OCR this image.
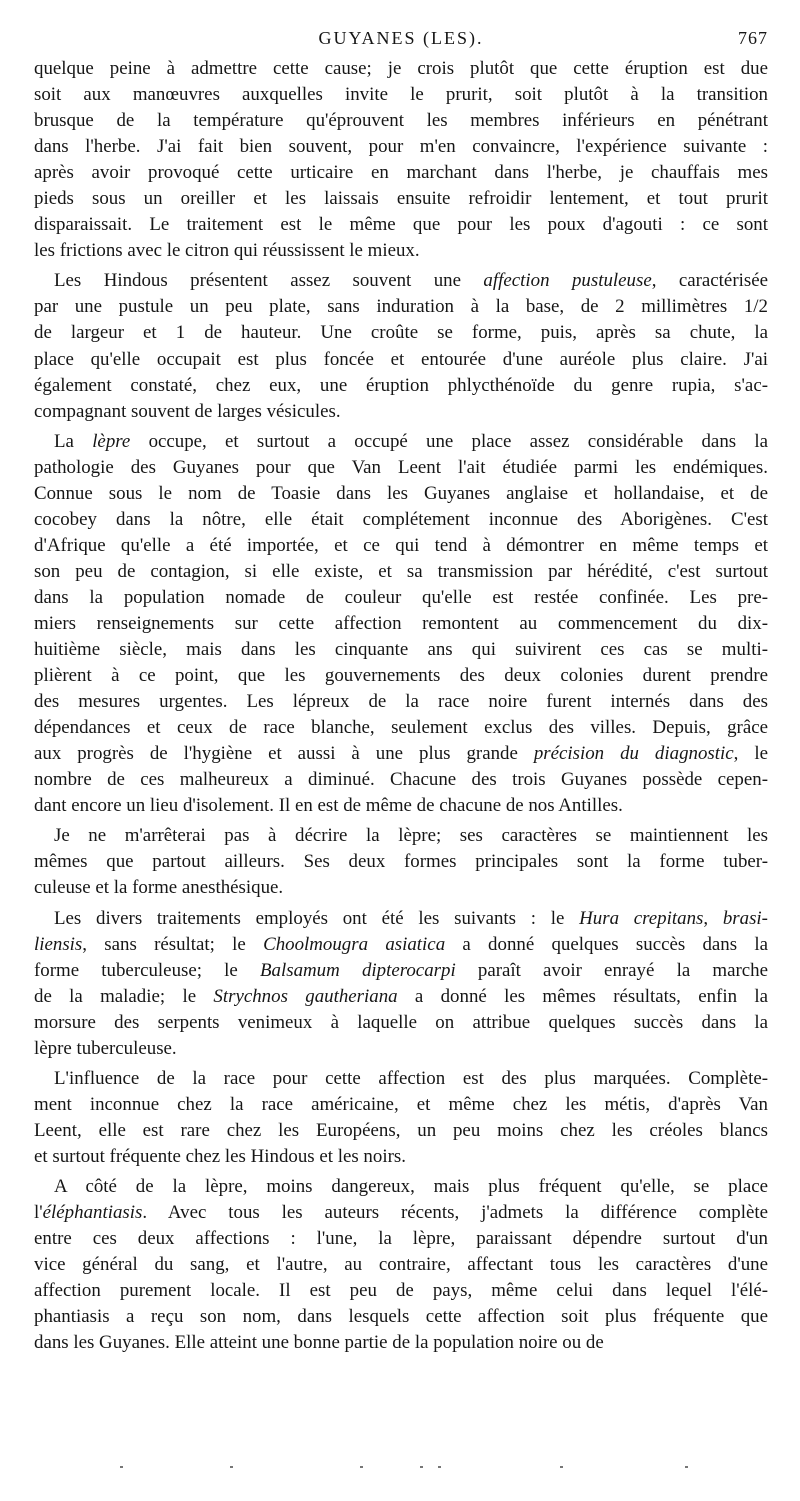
GUYANES (LES).	767
quelque peine à admettre cette cause; je crois plutôt que cette éruption est due
soit aux manœuvres auxquelles invite le prurit, soit plutôt à la transition
brusque de la température qu'éprouvent les membres inférieurs en pénétrant
dans l'herbe. J'ai fait bien souvent, pour m'en convaincre, l'expérience suivante :
après avoir provoqué cette urticaire en marchant dans l'herbe, je chauffais mes
pieds sous un oreiller et les laissais ensuite refroidir lentement, et tout prurit
disparaissait. Le traitement est le même que pour les poux d'agouti : ce sont
les frictions avec le citron qui réussissent le mieux.
Les Hindous présentent assez souvent une affection pustuleuse, caractérisée
par une pustule un peu plate, sans induration à la base, de 2 millimètres 1/2
de largeur et 1 de hauteur. Une croûte se forme, puis, après sa chute, la
place qu'elle occupait est plus foncée et entourée d'une auréole plus claire. J'ai
également constaté, chez eux, une éruption phlycthénoïde du genre rupia, s'ac-
compagnant souvent de larges vésicules.
La lèpre occupe, et surtout a occupé une place assez considérable dans la
pathologie des Guyanes pour que Van Leent l'ait étudiée parmi les endémiques.
Connue sous le nom de Toasie dans les Guyanes anglaise et hollandaise, et de
cocobey dans la nôtre, elle était complétement inconnue des Aborigènes. C'est
d'Afrique qu'elle a été importée, et ce qui tend à démontrer en même temps et
son peu de contagion, si elle existe, et sa transmission par hérédité, c'est surtout
dans la population nomade de couleur qu'elle est restée confinée. Les pre-
miers renseignements sur cette affection remontent au commencement du dix-
huitième siècle, mais dans les cinquante ans qui suivirent ces cas se multi-
plièrent à ce point, que les gouvernements des deux colonies durent prendre
des mesures urgentes. Les lépreux de la race noire furent internés dans des
dépendances et ceux de race blanche, seulement exclus des villes. Depuis, grâce
aux progrès de l'hygiène et aussi à une plus grande précision du diagnostic, le
nombre de ces malheureux a diminué. Chacune des trois Guyanes possède cepen-
dant encore un lieu d'isolement. Il en est de même de chacune de nos Antilles.
Je ne m'arrêterai pas à décrire la lèpre; ses caractères se maintiennent les
mêmes que partout ailleurs. Ses deux formes principales sont la forme tuber-
culeuse et la forme anesthésique.
Les divers traitements employés ont été les suivants : le Hura crepitans, brasi-
liensis, sans résultat; le Choolmougra asiatica a donné quelques succès dans la
forme tuberculeuse; le Balsamum dipterocarpi paraît avoir enrayé la marche
de la maladie; le Strychnos gautheriana a donné les mêmes résultats, enfin la
morsure des serpents venimeux à laquelle on attribue quelques succès dans la
lèpre tuberculeuse.
L'influence de la race pour cette affection est des plus marquées. Complète-
ment inconnue chez la race américaine, et même chez les métis, d'après Van
Leent, elle est rare chez les Européens, un peu moins chez les créoles blancs
et surtout fréquente chez les Hindous et les noirs.
A côté de la lèpre, moins dangereux, mais plus fréquent qu'elle, se place
l'éléphantiasis. Avec tous les auteurs récents, j'admets la différence complète
entre ces deux affections : l'une, la lèpre, paraissant dépendre surtout d'un
vice général du sang, et l'autre, au contraire, affectant tous les caractères d'une
affection purement locale. Il est peu de pays, même celui dans lequel l'élé-
phantiasis a reçu son nom, dans lesquels cette affection soit plus fréquente que
dans les Guyanes. Elle atteint une bonne partie de la population noire ou de
